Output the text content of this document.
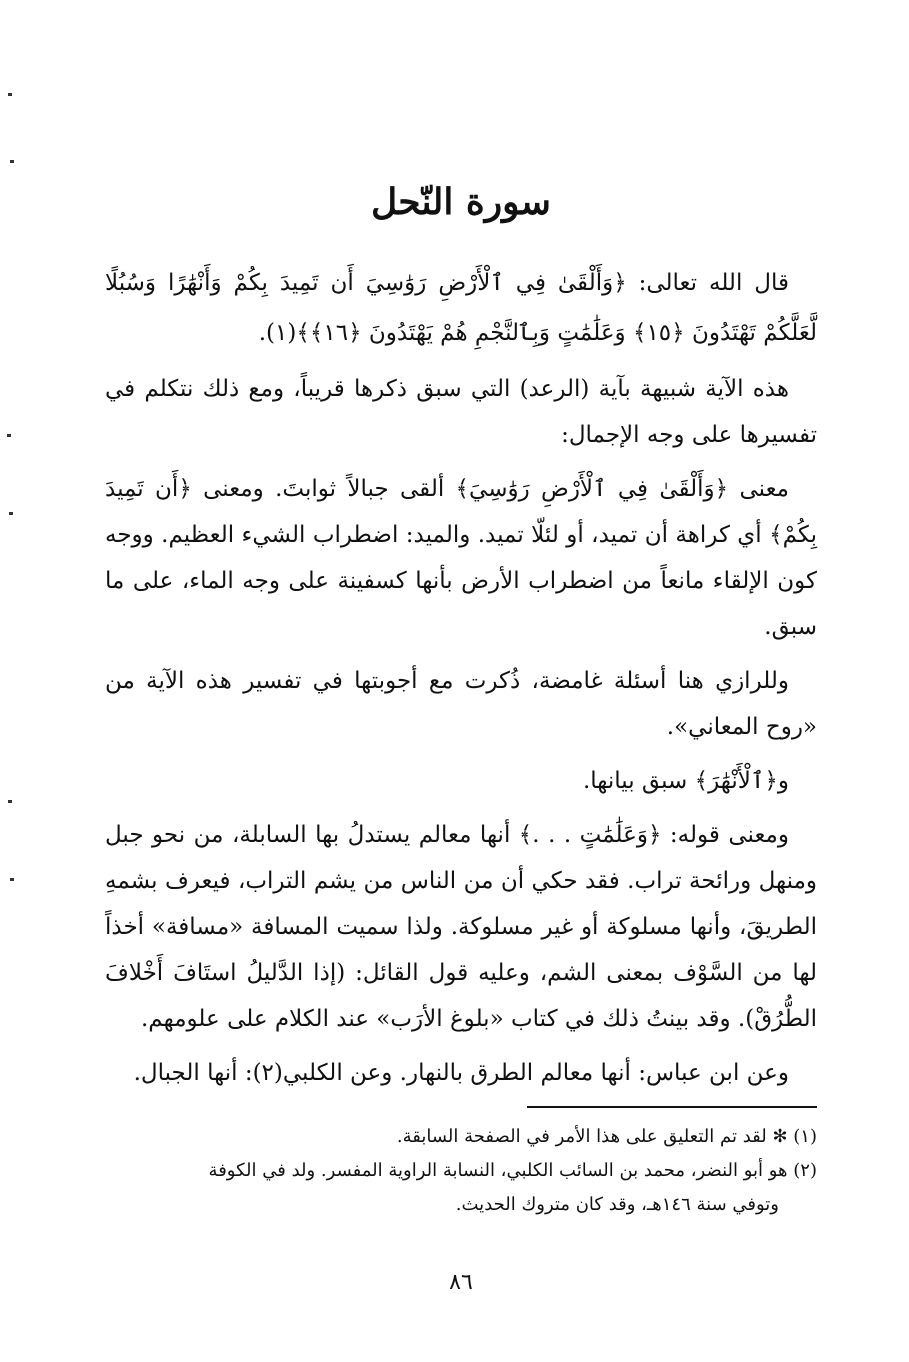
سورة النّحل

قال الله تعالى: ﴿وَأَلْقَىٰ فِي ٱلْأَرْضِ رَوَٰسِيَ أَن تَمِيدَ بِكُمْ وَأَنْهَٰرًا وَسُبُلًا لَّعَلَّكُمْ تَهْتَدُونَ ﴿١٥﴾ وَعَلَٰمَٰتٍ وَبِٱلنَّجْمِ هُمْ يَهْتَدُونَ ﴿١٦﴾﴾(١).

هذه الآية شبيهة بآية (الرعد) التي سبق ذكرها قريباً، ومع ذلك نتكلم في تفسيرها على وجه الإجمال:

معنى ﴿وَأَلْقَىٰ فِي ٱلْأَرْضِ رَوَٰسِيَ﴾ ألقى جبالاً ثوابتَ. ومعنى ﴿أَن تَمِيدَ بِكُمْ﴾ أي كراهة أن تميد، أو لئلّا تميد. والميد: اضطراب الشيء العظيم. ووجه كون الإلقاء مانعاً من اضطراب الأرض بأنها كسفينة على وجه الماء، على ما سبق.

وللرازي هنا أسئلة غامضة، ذُكرت مع أجوبتها في تفسير هذه الآية من «روح المعاني».

و﴿ٱلْأَنْهَٰرَ﴾ سبق بيانها.

ومعنى قوله: ﴿وَعَلَٰمَٰتٍ . . .﴾ أنها معالم يستدلُ بها السابلة، من نحو جبل ومنهل ورائحة تراب. فقد حكي أن من الناس من يشم التراب، فيعرف بشمهِ الطريقَ، وأنها مسلوكة أو غير مسلوكة. ولذا سميت المسافة «مسافة» أخذاً لها من السَّوْف بمعنى الشم، وعليه قول القائل: (إذا الدَّليلُ استَافَ أَخْلافَ الطُّرُقْ). وقد بينتُ ذلك في كتاب «بلوغ الأرَب» عند الكلام على علومهم.

وعن ابن عباس: أنها معالم الطرق بالنهار. وعن الكلبي(٢): أنها الجبال.

(١) ✻ لقد تم التعليق على هذا الأمر في الصفحة السابقة.

(٢) هو أبو النضر، محمد بن السائب الكلبي، النسابة الراوية المفسر. ولد في الكوفة

وتوفي سنة ١٤٦هـ، وقد كان متروك الحديث.

٨٦
